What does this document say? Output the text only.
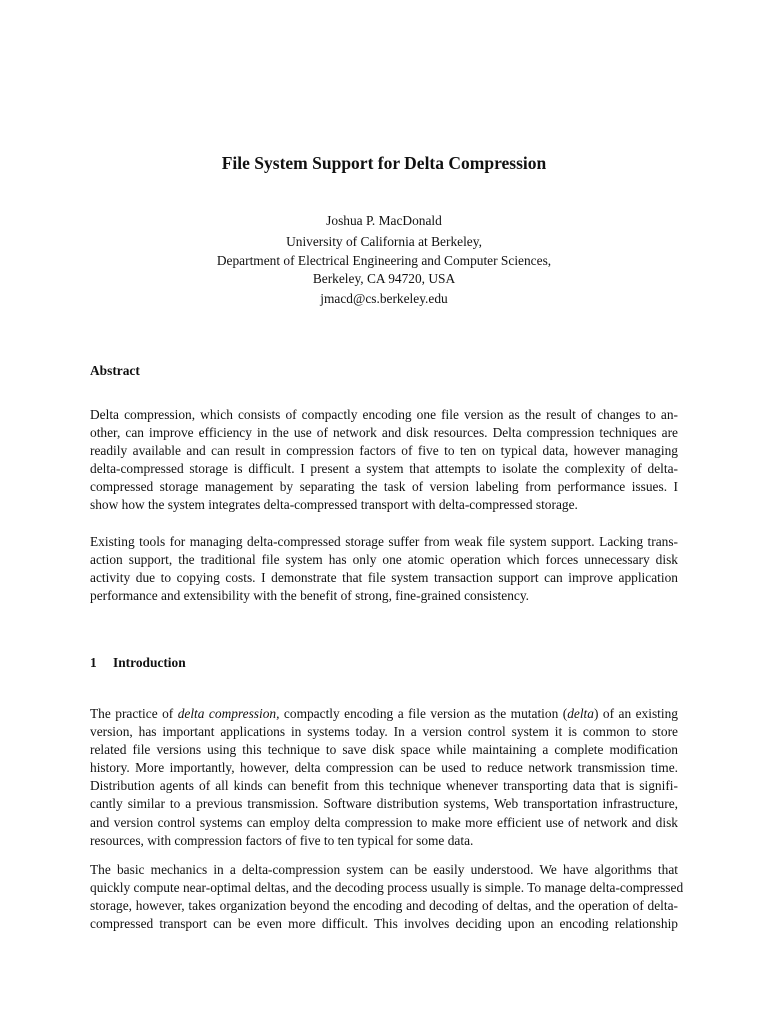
File System Support for Delta Compression
Joshua P. MacDonald
University of California at Berkeley,
Department of Electrical Engineering and Computer Sciences,
Berkeley, CA 94720, USA
jmacd@cs.berkeley.edu
Abstract
Delta compression, which consists of compactly encoding one file version as the result of changes to an-
other, can improve efficiency in the use of network and disk resources. Delta compression techniques are
readily available and can result in compression factors of five to ten on typical data, however managing
delta-compressed storage is difficult. I present a system that attempts to isolate the complexity of delta-
compressed storage management by separating the task of version labeling from performance issues. I
show how the system integrates delta-compressed transport with delta-compressed storage.
Existing tools for managing delta-compressed storage suffer from weak file system support. Lacking trans-
action support, the traditional file system has only one atomic operation which forces unnecessary disk
activity due to copying costs. I demonstrate that file system transaction support can improve application
performance and extensibility with the benefit of strong, fine-grained consistency.
1 Introduction
The practice of delta compression, compactly encoding a file version as the mutation (delta) of an existing
version, has important applications in systems today. In a version control system it is common to store
related file versions using this technique to save disk space while maintaining a complete modification
history. More importantly, however, delta compression can be used to reduce network transmission time.
Distribution agents of all kinds can benefit from this technique whenever transporting data that is signifi-
cantly similar to a previous transmission. Software distribution systems, Web transportation infrastructure,
and version control systems can employ delta compression to make more efficient use of network and disk
resources, with compression factors of five to ten typical for some data.
The basic mechanics in a delta-compression system can be easily understood. We have algorithms that
quickly compute near-optimal deltas, and the decoding process usually is simple. To manage delta-compressed
storage, however, takes organization beyond the encoding and decoding of deltas, and the operation of delta-
compressed transport can be even more difficult. This involves deciding upon an encoding relationship
